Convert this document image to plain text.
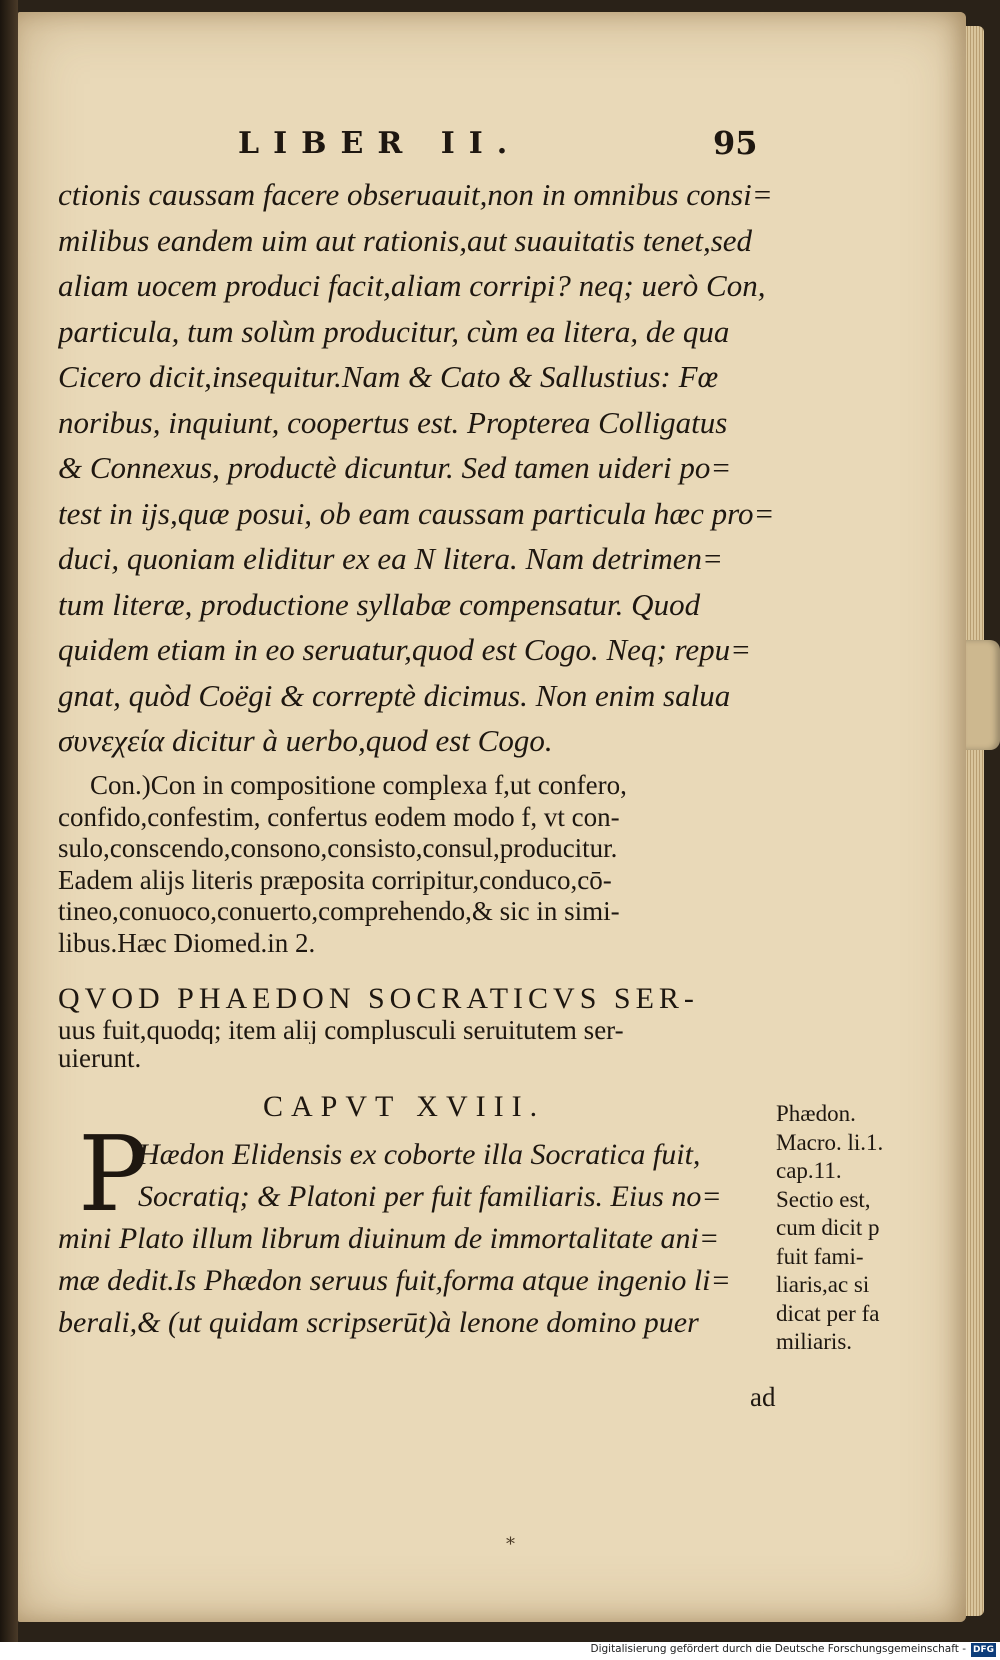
LIBER II.	95
ctionis caussam facere obseruauit,non in omnibus consi=
milibus eandem uim aut rationis,aut suauitatis tenet,sed
aliam uocem produci facit,aliam corripi? neq; uerò Con,
particula, tum solùm producitur, cùm ea litera, de qua
Cicero dicit,insequitur.Nam & Cato & Sallustius: Fœ
noribus, inquiunt, coopertus est. Propterea Colligatus
& Connexus, productè dicuntur. Sed tamen uideri po=
test in ijs,quæ posui, ob eam caussam particula hæc pro=
duci, quoniam eliditur ex ea N litera. Nam detrimen=
tum literæ, productione syllabæ compensatur. Quod
quidem etiam in eo seruatur,quod est Cogo. Neq; repu=
gnat, quòd Coëgi & correptè dicimus. Non enim salua
συνεχεία dicitur à uerbo,quod est Cogo.
Con.)Con in compositione complexa f,ut confero,
confido,confestim, confertus eodem modo f, vt con-
sulo,conscendo,consono,consisto,consul,producitur.
Eadem alijs literis præposita corripitur,conduco,cō-
tineo,conuoco,conuerto,comprehendo,& sic in simi-
libus.Hæc Diomed.in 2.
QVOD PHAEDON SOCRATICVS SER-
uus fuit,quodq; item alij complusculi seruitutem ser-
uierunt.
CAPVT XVIII.
P
Hædon Elidensis ex coborte illa Socratica fuit,
Socratiq; & Platoni per fuit familiaris. Eius no=
mini Plato illum librum diuinum de immortalitate ani=
mæ dedit.Is Phædon seruus fuit,forma atque ingenio li=
berali,& (ut quidam scripserūt)à lenone domino puer
ad
Phædon.
Macro. li.1.
cap.11.
Sectio est,
cum dicit p
fuit fami-
liaris,ac si
dicat per fa
miliaris.
*
Digitalisierung gefördert durch die Deutsche Forschungsgemeinschaft - DFG
